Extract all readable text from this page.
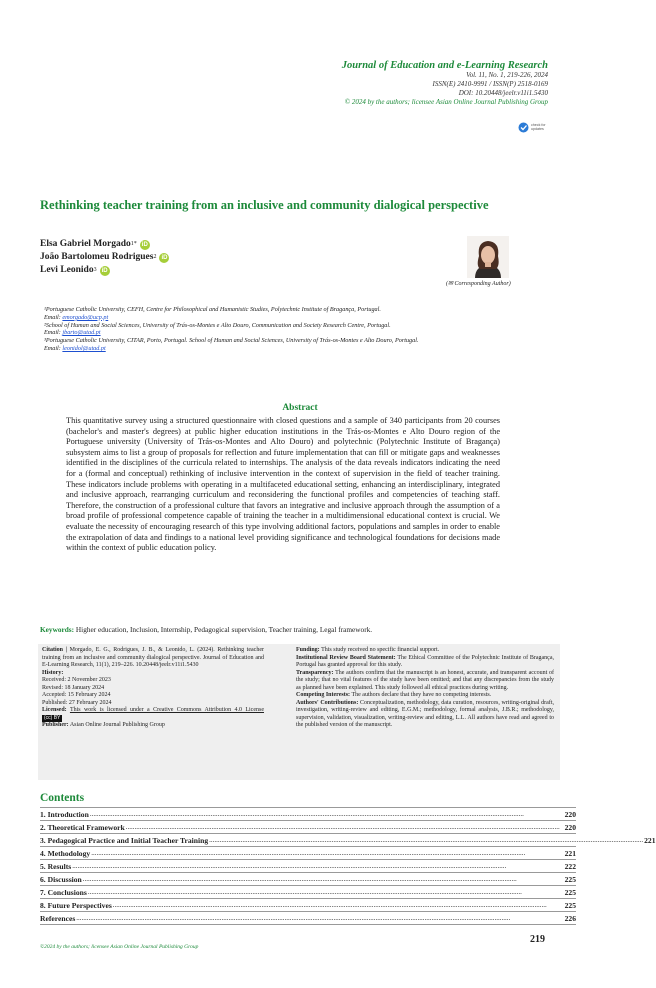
Journal of Education and e-Learning Research
Vol. 11, No. 1, 219-226, 2024
ISSN(E) 2410-9991 / ISSN(P) 2518-0169
DOI: 10.20448/jeelr.v11i1.5430
© 2024 by the authors; licensee Asian Online Journal Publishing Group
check for updates
Rethinking teacher training from an inclusive and community dialogical perspective
Elsa Gabriel Morgado 1* iD
João Bartolomeu Rodrigues 2 iD
Levi Leonido 3 iD
(✉ Corresponding Author)
¹Portuguese Catholic University, CEFH, Centre for Philosophical and Humanistic Studies, Polytechnic Institute of Bragança, Portugal.
Email: emorgado@ucp.pt
²School of Human and Social Sciences, University of Trás-os-Montes e Alto Douro, Communication and Society Research Centre, Portugal.
Email: jbarto@utad.pt
³Portuguese Catholic University, CITAR, Porto, Portugal. School of Human and Social Sciences, University of Trás-os-Montes e Alto Douro, Portugal.
Email: leonidol@utad.pt
Abstract
This quantitative survey using a structured questionnaire with closed questions and a sample of 340 participants from 20 courses (bachelor's and master's degrees) at public higher education institutions in the Trás-os-Montes e Alto Douro region of the Portuguese university (University of Trás-os-Montes and Alto Douro) and polytechnic (Polytechnic Institute of Bragança) subsystem aims to list a group of proposals for reflection and future implementation that can fill or mitigate gaps and weaknesses identified in the disciplines of the curricula related to internships. The analysis of the data reveals indicators indicating the need for a (formal and conceptual) rethinking of inclusive intervention in the context of supervision in the field of teacher training. These indicators include problems with operating in a multifaceted educational setting, enhancing an interdisciplinary, integrated and inclusive approach, rearranging curriculum and reconsidering the functional profiles and competencies of teaching staff. Therefore, the construction of a professional culture that favors an integrative and inclusive approach through the assumption of a broad profile of professional competence capable of training the teacher in a multidimensional educational context is crucial. We evaluate the necessity of encouraging research of this type involving additional factors, populations and samples in order to enable the extrapolation of data and findings to a national level providing significance and technological foundations for decisions made within the context of public education policy.
Keywords: Higher education, Inclusion, Internship, Pedagogical supervision, Teacher training, Legal framework.
Citation | Morgado, E. G., Rodrigues, J. B., & Leonido, L. (2024). Rethinking teacher training from an inclusive and community dialogical perspective. Journal of Education and E-Learning Research, 11(1), 219–226. 10.20448/jeelr.v11i1.5430
History:
Received: 2 November 2023
Revised: 18 January 2024
Accepted: 15 February 2024
Published: 27 February 2024
Licensed: This work is licensed under a Creative Commons Attribution 4.0 License (cc) BY
Publisher: Asian Online Journal Publishing Group
Funding: This study received no specific financial support.
Institutional Review Board Statement: The Ethical Committee of the Polytechnic Institute of Bragança, Portugal has granted approval for this study.
Transparency: The authors confirm that the manuscript is an honest, accurate, and transparent account of the study; that no vital features of the study have been omitted; and that any discrepancies from the study as planned have been explained. This study followed all ethical practices during writing.
Competing Interests: The authors declare that they have no competing interests.
Authors' Contributions: Conceptualization, methodology, data curation, resources, writing-original draft, investigation, writing-review and editing, E.G.M.; methodology, formal analysis, J.B.R.; methodology, supervision, validation, visualization, writing-review and editing, L.L. All authors have read and agreed to the published version of the manuscript.
Contents
1. Introduction ........................................................................................................................................................................................................................................................	220
2. Theoretical Framework ........................................................................................................................................................................................................................................................ 220
3. Pedagogical Practice and Initial Teacher Training ........................................................................................................................................................................................................................................................ 221
4. Methodology ........................................................................................................................................................................................................................................................	221
5. Results ........................................................................................................................................................................................................................................................	222
6. Discussion ........................................................................................................................................................................................................................................................	225
7. Conclusions ........................................................................................................................................................................................................................................................	225
8. Future Perspectives ........................................................................................................................................................................................................................................................	225
References ........................................................................................................................................................................................................................................................	226
219
©2024 by the authors; licensee Asian Online Journal Publishing Group
